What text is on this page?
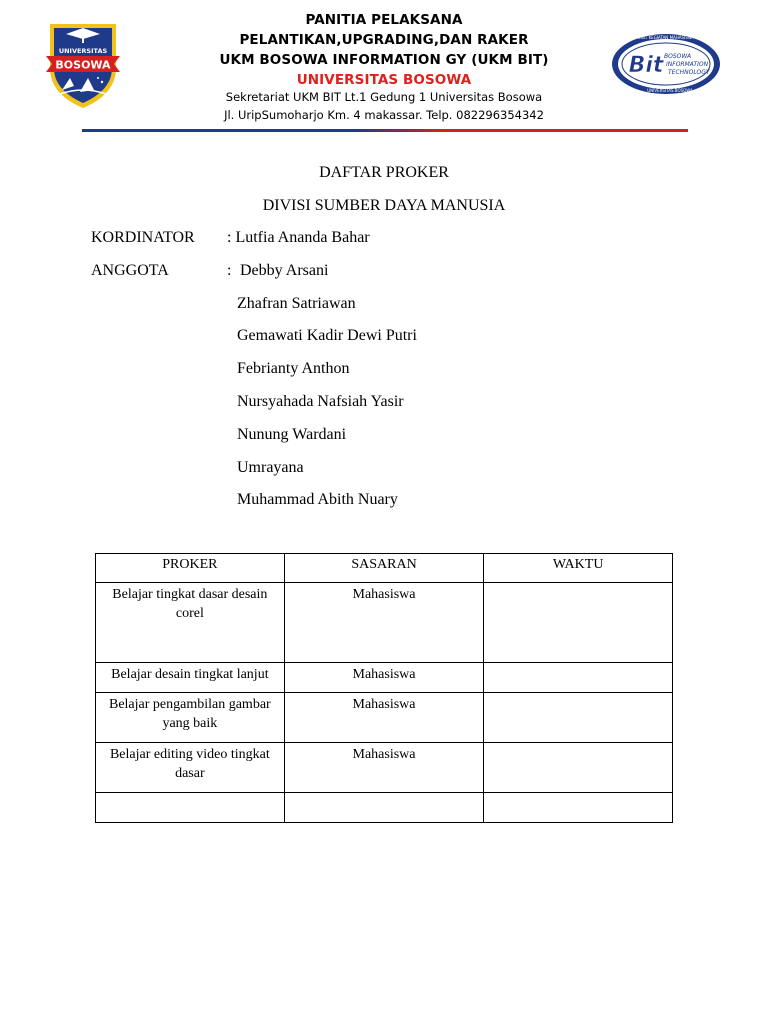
UNIVERSITAS
BOSOWA	Bit BOSOWA
INFORMATION
TECHNOLOGY
UNIT KEGIATAN MAHASISWA
UNIVERSITAS BOSOWA
PANITIA PELAKSANA
PELANTIKAN,UPGRADING,DAN RAKER
UKM BOSOWA INFORMATION GY (UKM BIT)
UNIVERSITAS BOSOWA
Sekretariat UKM BIT Lt.1 Gedung 1 Universitas Bosowa
Jl. UripSumoharjo Km. 4 makassar. Telp. 082296354342
DAFTAR PROKER
DIVISI SUMBER DAYA MANUSIA
KORDINATOR : Lutfia Ananda Bahar
ANGGOTA	: Debby Arsani
Zhafran Satriawan
Gemawati Kadir Dewi Putri
Febrianty Anthon
Nursyahada Nafsiah Yasir
Nunung Wardani
Umrayana
Muhammad Abith Nuary
PROKER	SASARAN	WAKTU
Belajar tingkat dasar desain corel	Mahasiswa	
Belajar desain tingkat lanjut	Mahasiswa	
Belajar pengambilan gambar yang baik	Mahasiswa	
Belajar editing video tingkat dasar	Mahasiswa	
